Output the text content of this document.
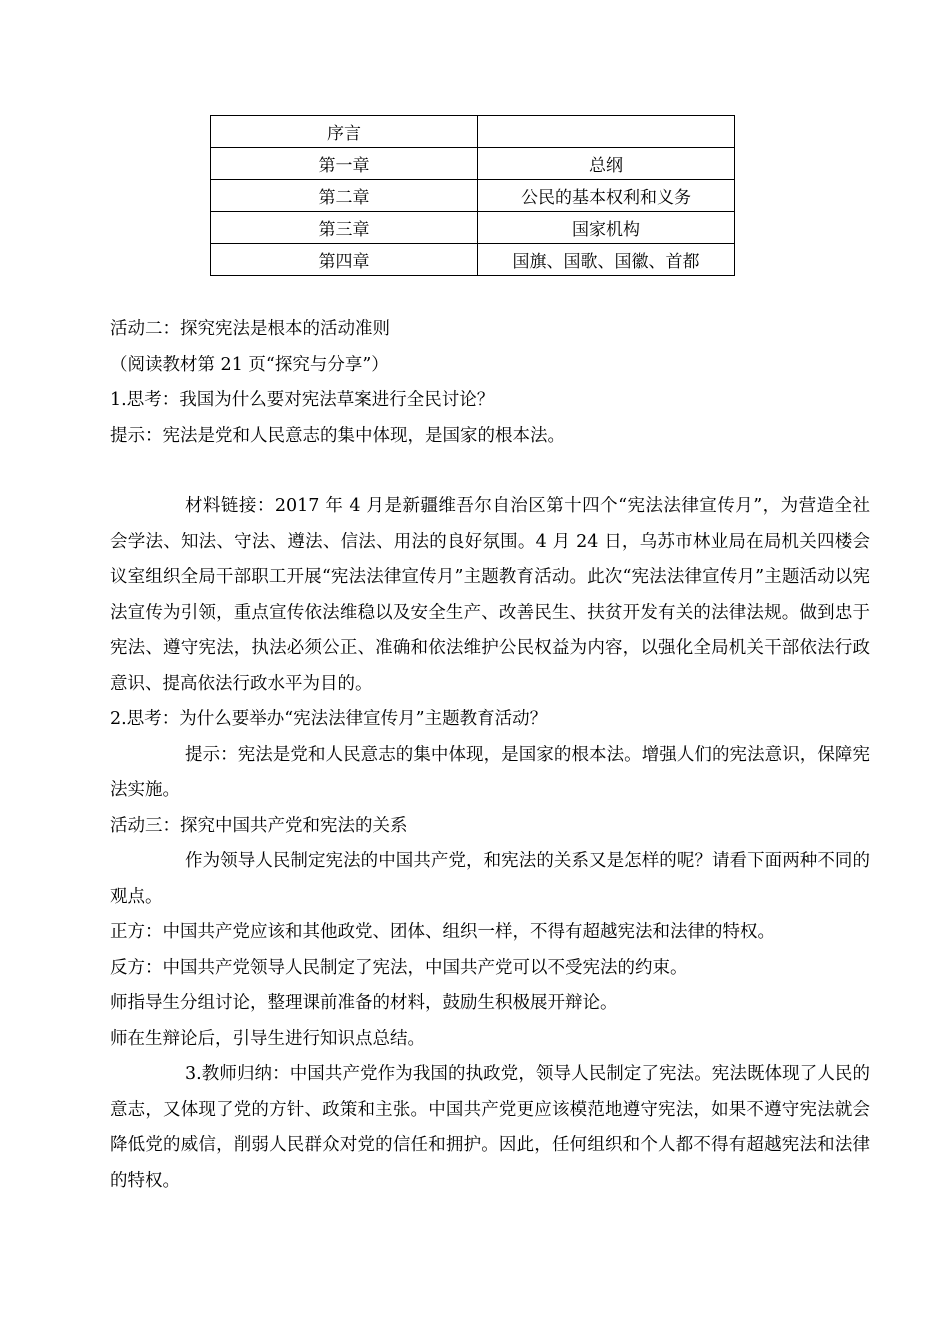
序言	
第一章	总纲
第二章	公民的基本权利和义务
第三章	国家机构
第四章	国旗、国歌、国徽、首都

活动二：探究宪法是根本的活动准则

（阅读教材第 21 页“探究与分享”）

1.思考：我国为什么要对宪法草案进行全民讨论？

提示：宪法是党和人民意志的集中体现，是国家的根本法。

材料链接：2017 年 4 月是新疆维吾尔自治区第十四个“宪法法律宣传月”，为营造全社会学法、知法、守法、遵法、信法、用法的良好氛围。4 月 24 日，乌苏市林业局在局机关四楼会议室组织全局干部职工开展“宪法法律宣传月”主题教育活动。此次“宪法法律宣传月”主题活动以宪法宣传为引领，重点宣传依法维稳以及安全生产、改善民生、扶贫开发有关的法律法规。做到忠于宪法、遵守宪法，执法必须公正、准确和依法维护公民权益为内容，以强化全局机关干部依法行政意识、提高依法行政水平为目的。

2.思考：为什么要举办“宪法法律宣传月”主题教育活动？

提示：宪法是党和人民意志的集中体现，是国家的根本法。增强人们的宪法意识，保障宪法实施。

活动三：探究中国共产党和宪法的关系

作为领导人民制定宪法的中国共产党，和宪法的关系又是怎样的呢？请看下面两种不同的观点。

正方：中国共产党应该和其他政党、团体、组织一样，不得有超越宪法和法律的特权。

反方：中国共产党领导人民制定了宪法，中国共产党可以不受宪法的约束。

师指导生分组讨论，整理课前准备的材料，鼓励生积极展开辩论。

师在生辩论后，引导生进行知识点总结。

3.教师归纳：中国共产党作为我国的执政党，领导人民制定了宪法。宪法既体现了人民的意志，又体现了党的方针、政策和主张。中国共产党更应该模范地遵守宪法，如果不遵守宪法就会降低党的威信，削弱人民群众对党的信任和拥护。因此，任何组织和个人都不得有超越宪法和法律的特权。
